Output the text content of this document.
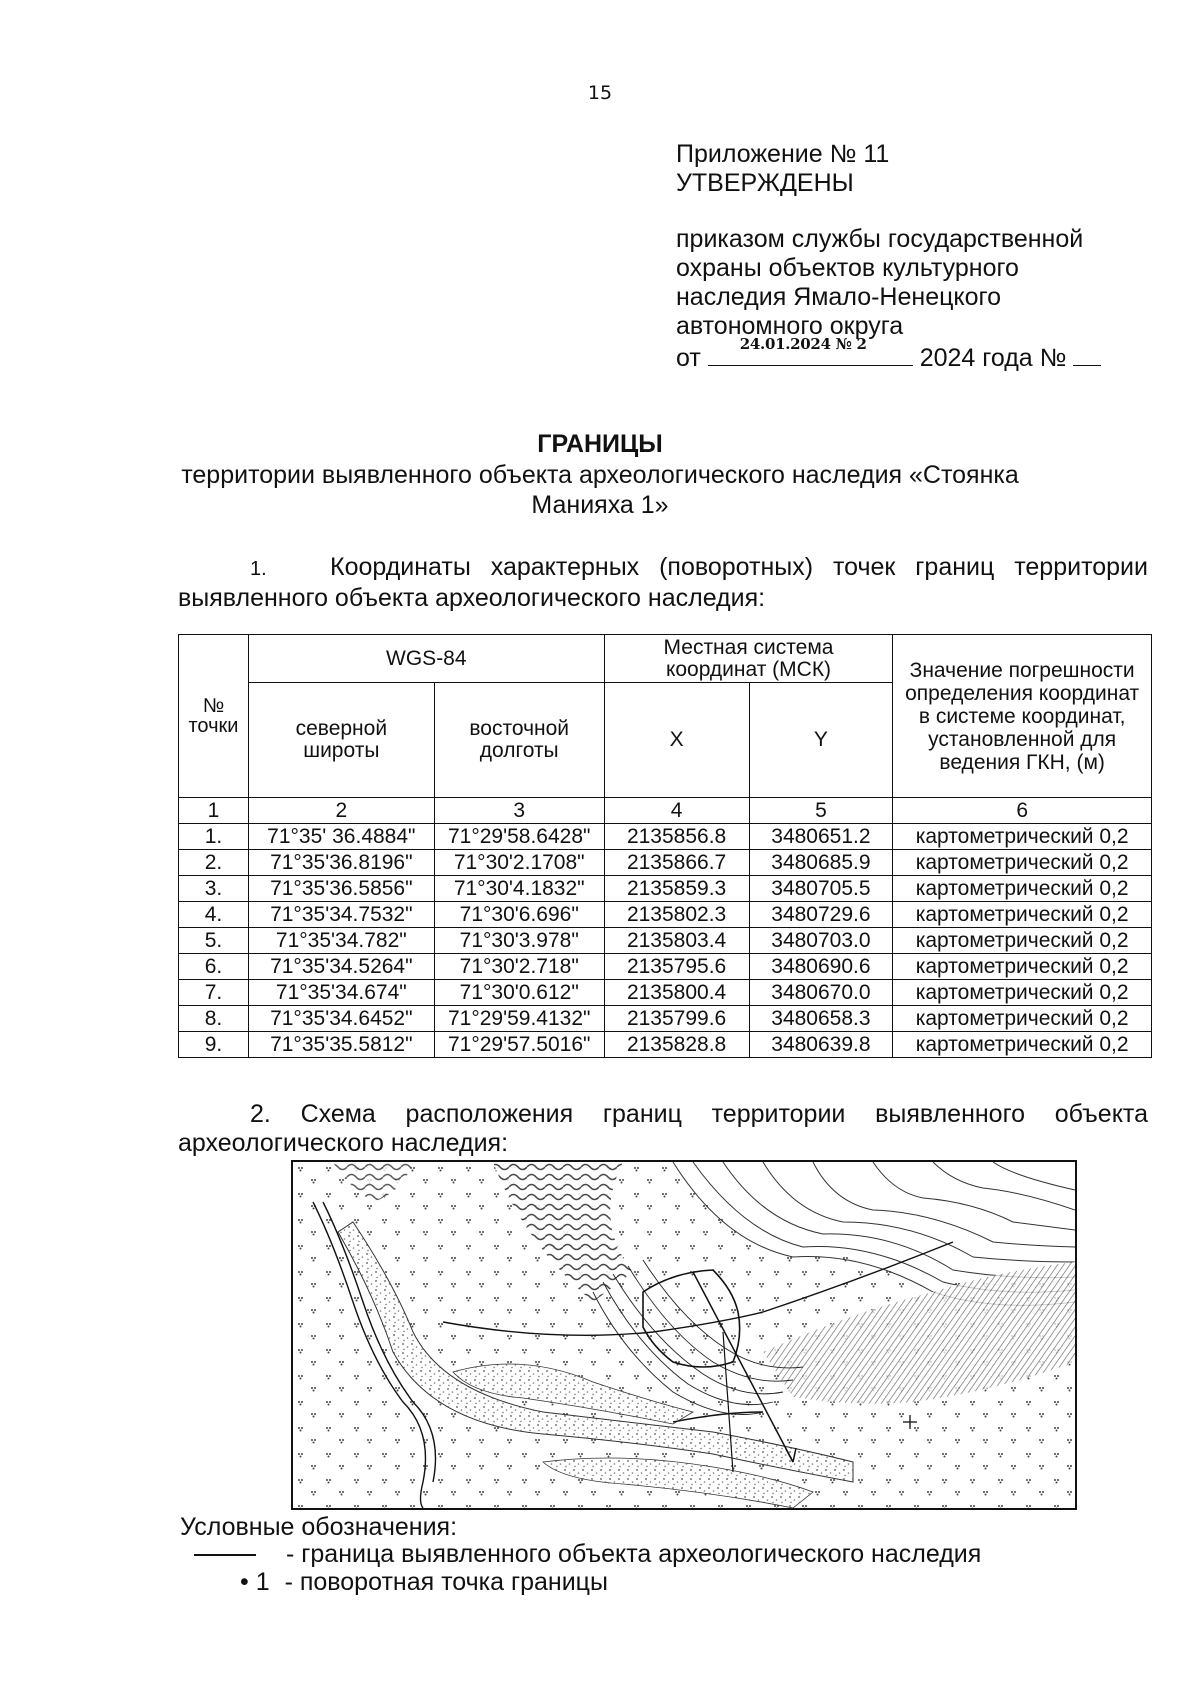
15
Приложение № 11
УТВЕРЖДЕНЫ
приказом службы государственной
охраны объектов культурного
наследия Ямало-Ненецкого
автономного округа
от	24.01.2024 № 2 2024 года №
ГРАНИЦЫ
территории выявленного объекта археологического наследия «Стоянка Манияха 1»
1.	Координаты характерных (поворотных) точек границ территории
выявленного объекта археологического наследия:
№ точки	WGS-84		Местная система координат (МСК)		Значение погрешности определения координат в системе координат, установленной для ведения ГКН, (м)
	северной широты	восточной долготы	X	Y	
1	2	3	4	5	6
1.	71°35' 36.4884"	71°29'58.6428"	2135856.8	3480651.2	картометрический 0,2
2.	71°35'36.8196"	71°30'2.1708"	2135866.7	3480685.9	картометрический 0,2
3.	71°35'36.5856"	71°30'4.1832"	2135859.3	3480705.5	картометрический 0,2
4.	71°35'34.7532"	71°30'6.696"	2135802.3	3480729.6	картометрический 0,2
5.	71°35'34.782"	71°30'3.978"	2135803.4	3480703.0	картометрический 0,2
6.	71°35'34.5264"	71°30'2.718"	2135795.6	3480690.6	картометрический 0,2
7.	71°35'34.674"	71°30'0.612"	2135800.4	3480670.0	картометрический 0,2
8.	71°35'34.6452"	71°29'59.4132"	2135799.6	3480658.3	картометрический 0,2
9.	71°35'35.5812"	71°29'57.5016"	2135828.8	3480639.8	картометрический 0,2
2. Схема расположения границ территории выявленного объекта
археологического наследия:
Условные обозначения:
- граница выявленного объекта археологического наследия
• 1 - поворотная точка границы
